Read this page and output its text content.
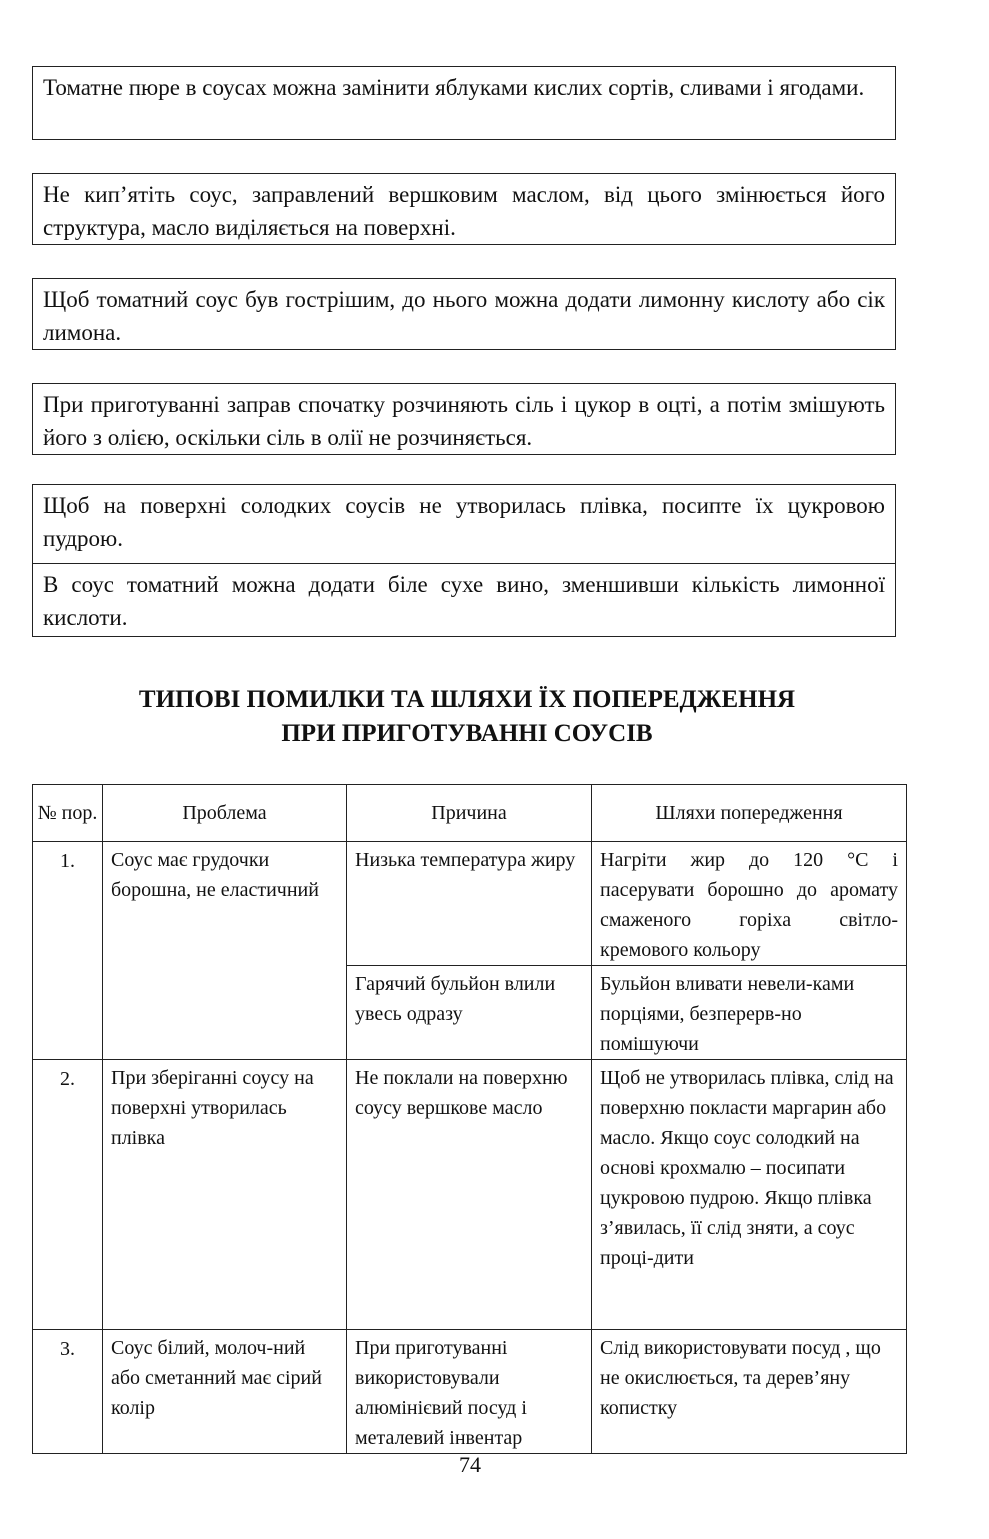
Томатне пюре в соусах можна замінити яблуками кислих сортів, сливами і ягодами.
Не кип’ятіть соус, заправлений вершковим маслом, від цього змінюється його структура, масло виділяється на поверхні.
Щоб томатний соус був гострішим, до нього можна додати лимонну кислоту або сік лимона.
При приготуванні заправ спочатку розчиняють сіль і цукор в оцті, а потім змішують його з олією, оскільки сіль в олії не розчиняється.
Щоб на поверхні солодких соусів не утворилась плівка, посипте їх цукровою пудрою.
В соус томатний можна додати біле сухе вино, зменшивши кількість лимонної кислоти.
ТИПОВІ ПОМИЛКИ ТА ШЛЯХИ ЇХ ПОПЕРЕДЖЕННЯ
ПРИ ПРИГОТУВАННІ СОУСІВ
№ пор.	Проблема	Причина	Шляхи попередження
1.	Соус має грудочки борошна, не еластичний	Низька температура жиру	Нагріти жир до 120 °С і пасерувати борошно до аромату смаженого горіха світло-кремового кольору
		Гарячий бульйон влили увесь одразу	Бульйон вливати невели-ками порціями, безперерв-но помішуючи
2.	При зберіганні соусу на поверхні утворилась плівка	Не поклали на поверхню соусу вершкове масло	Щоб не утворилась плівка, слід на поверхню покласти маргарин або масло. Якщо соус солодкий на основі крохмалю – посипати цукровою пудрою. Якщо плівка з’явилась, її слід зняти, а соус проці-дити
3.	Соус білий, молоч-ний або сметанний має сірий колір	При приготуванні використовували алюмінієвий посуд і металевий інвентар	Слід використовувати посуд , що не окислюється, та дерев’яну копистку
74
